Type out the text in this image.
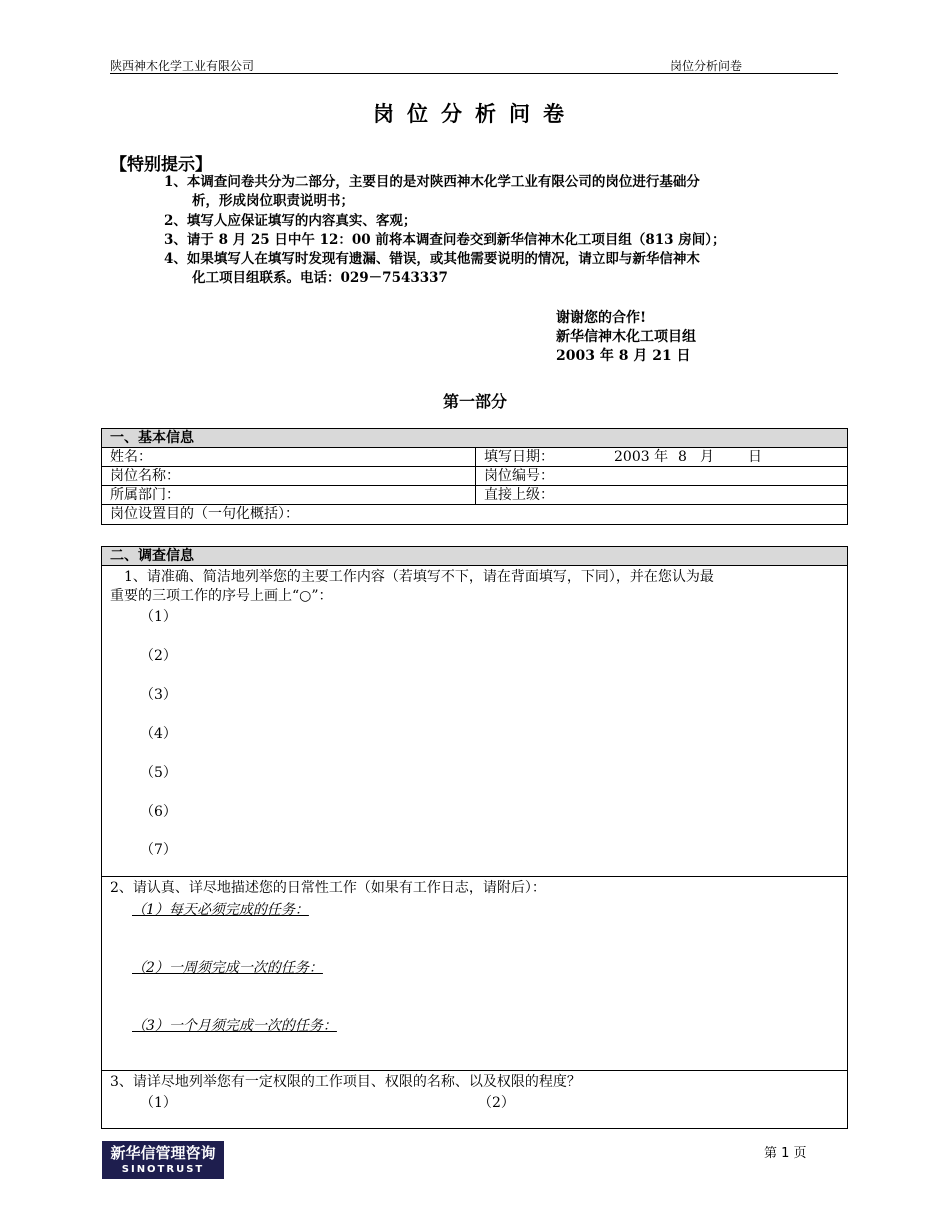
陕西神木化学工业有限公司	岗位分析问卷
岗位分析问卷
【特别提示】
1、本调查问卷共分为二部分，主要目的是对陕西神木化学工业有限公司的岗位进行基础分
析，形成岗位职责说明书；
2、填写人应保证填写的内容真实、客观；
3、请于 8 月 25 日中午 12：00 前将本调查问卷交到新华信神木化工项目组（813 房间）；
4、如果填写人在填写时发现有遗漏、错误，或其他需要说明的情况，请立即与新华信神木
化工项目组联系。电话：029－7543337
谢谢您的合作!
新华信神木化工项目组
2003 年 8 月 21 日
第一部分
一、基本信息
姓名：	填写日期：	2003 年 8 月 日
岗位名称：	岗位编号：
所属部门：	直接上级：
岗位设置目的（一句化概括）：
二、调查信息
　1、请准确、简洁地列举您的主要工作内容（若填写不下，请在背面填写，下同），并在您认为最
重要的三项工作的序号上画上“○”：
（1）
（2）
（3）
（4）
（5）
（6）
（7）
2、请认真、详尽地描述您的日常性工作（如果有工作日志，请附后）：
（1）每天必须完成的任务：
（2）一周须完成一次的任务：
（3）一个月须完成一次的任务：
3、请详尽地列举您有一定权限的工作项目、权限的名称、以及权限的程度？
（1）	（2）
新华信管理咨询
SINOTRUST
第 1 页
